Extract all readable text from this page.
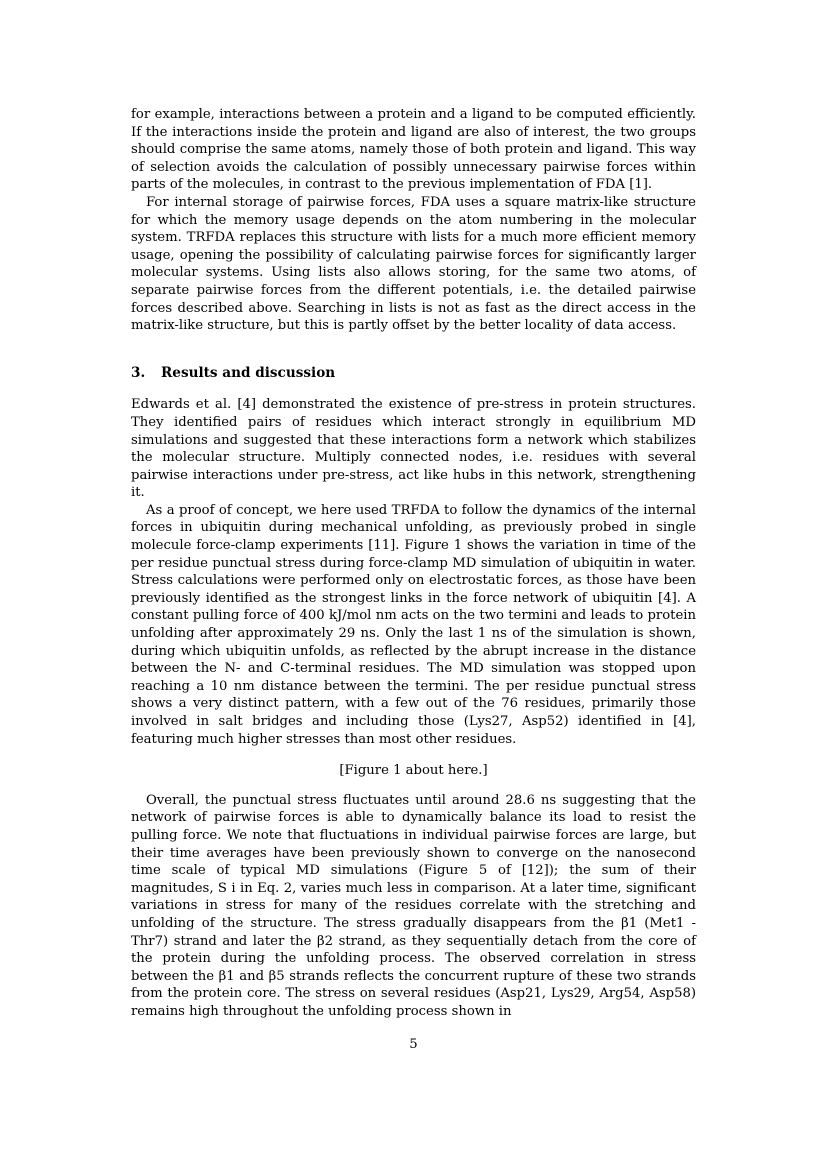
for example, interactions between a protein and a ligand to be computed efficiently. If the interactions inside the protein and ligand are also of interest, the two groups should comprise the same atoms, namely those of both protein and ligand. This way of selection avoids the calculation of possibly unnecessary pairwise forces within parts of the molecules, in contrast to the previous implementation of FDA [1].

For internal storage of pairwise forces, FDA uses a square matrix-like structure for which the memory usage depends on the atom numbering in the molecular system. TRFDA replaces this structure with lists for a much more efficient memory usage, opening the possibility of calculating pairwise forces for significantly larger molecular systems. Using lists also allows storing, for the same two atoms, of separate pairwise forces from the different potentials, i.e. the detailed pairwise forces described above. Searching in lists is not as fast as the direct access in the matrix-like structure, but this is partly offset by the better locality of data access.

3. Results and discussion

Edwards et al. [4] demonstrated the existence of pre-stress in protein structures. They identified pairs of residues which interact strongly in equilibrium MD simulations and suggested that these interactions form a network which stabilizes the molecular structure. Multiply connected nodes, i.e. residues with several pairwise interactions under pre-stress, act like hubs in this network, strengthening it.

As a proof of concept, we here used TRFDA to follow the dynamics of the internal forces in ubiquitin during mechanical unfolding, as previously probed in single molecule force-clamp experiments [11]. Figure 1 shows the variation in time of the per residue punctual stress during force-clamp MD simulation of ubiquitin in water. Stress calculations were performed only on electrostatic forces, as those have been previously identified as the strongest links in the force network of ubiquitin [4]. A constant pulling force of 400 kJ/mol nm acts on the two termini and leads to protein unfolding after approximately 29 ns. Only the last 1 ns of the simulation is shown, during which ubiquitin unfolds, as reflected by the abrupt increase in the distance between the N- and C-terminal residues. The MD simulation was stopped upon reaching a 10 nm distance between the termini. The per residue punctual stress shows a very distinct pattern, with a few out of the 76 residues, primarily those involved in salt bridges and including those (Lys27, Asp52) identified in [4], featuring much higher stresses than most other residues.

[Figure 1 about here.]

Overall, the punctual stress fluctuates until around 28.6 ns suggesting that the network of pairwise forces is able to dynamically balance its load to resist the pulling force. We note that fluctuations in individual pairwise forces are large, but their time averages have been previously shown to converge on the nanosecond time scale of typical MD simulations (Figure 5 of [12]); the sum of their magnitudes, S i in Eq. 2, varies much less in comparison. At a later time, significant variations in stress for many of the residues correlate with the stretching and unfolding of the structure. The stress gradually disappears from the β1 (Met1 - Thr7) strand and later the β2 strand, as they sequentially detach from the core of the protein during the unfolding process. The observed correlation in stress between the β1 and β5 strands reflects the concurrent rupture of these two strands from the protein core. The stress on several residues (Asp21, Lys29, Arg54, Asp58) remains high throughout the unfolding process shown in

5
